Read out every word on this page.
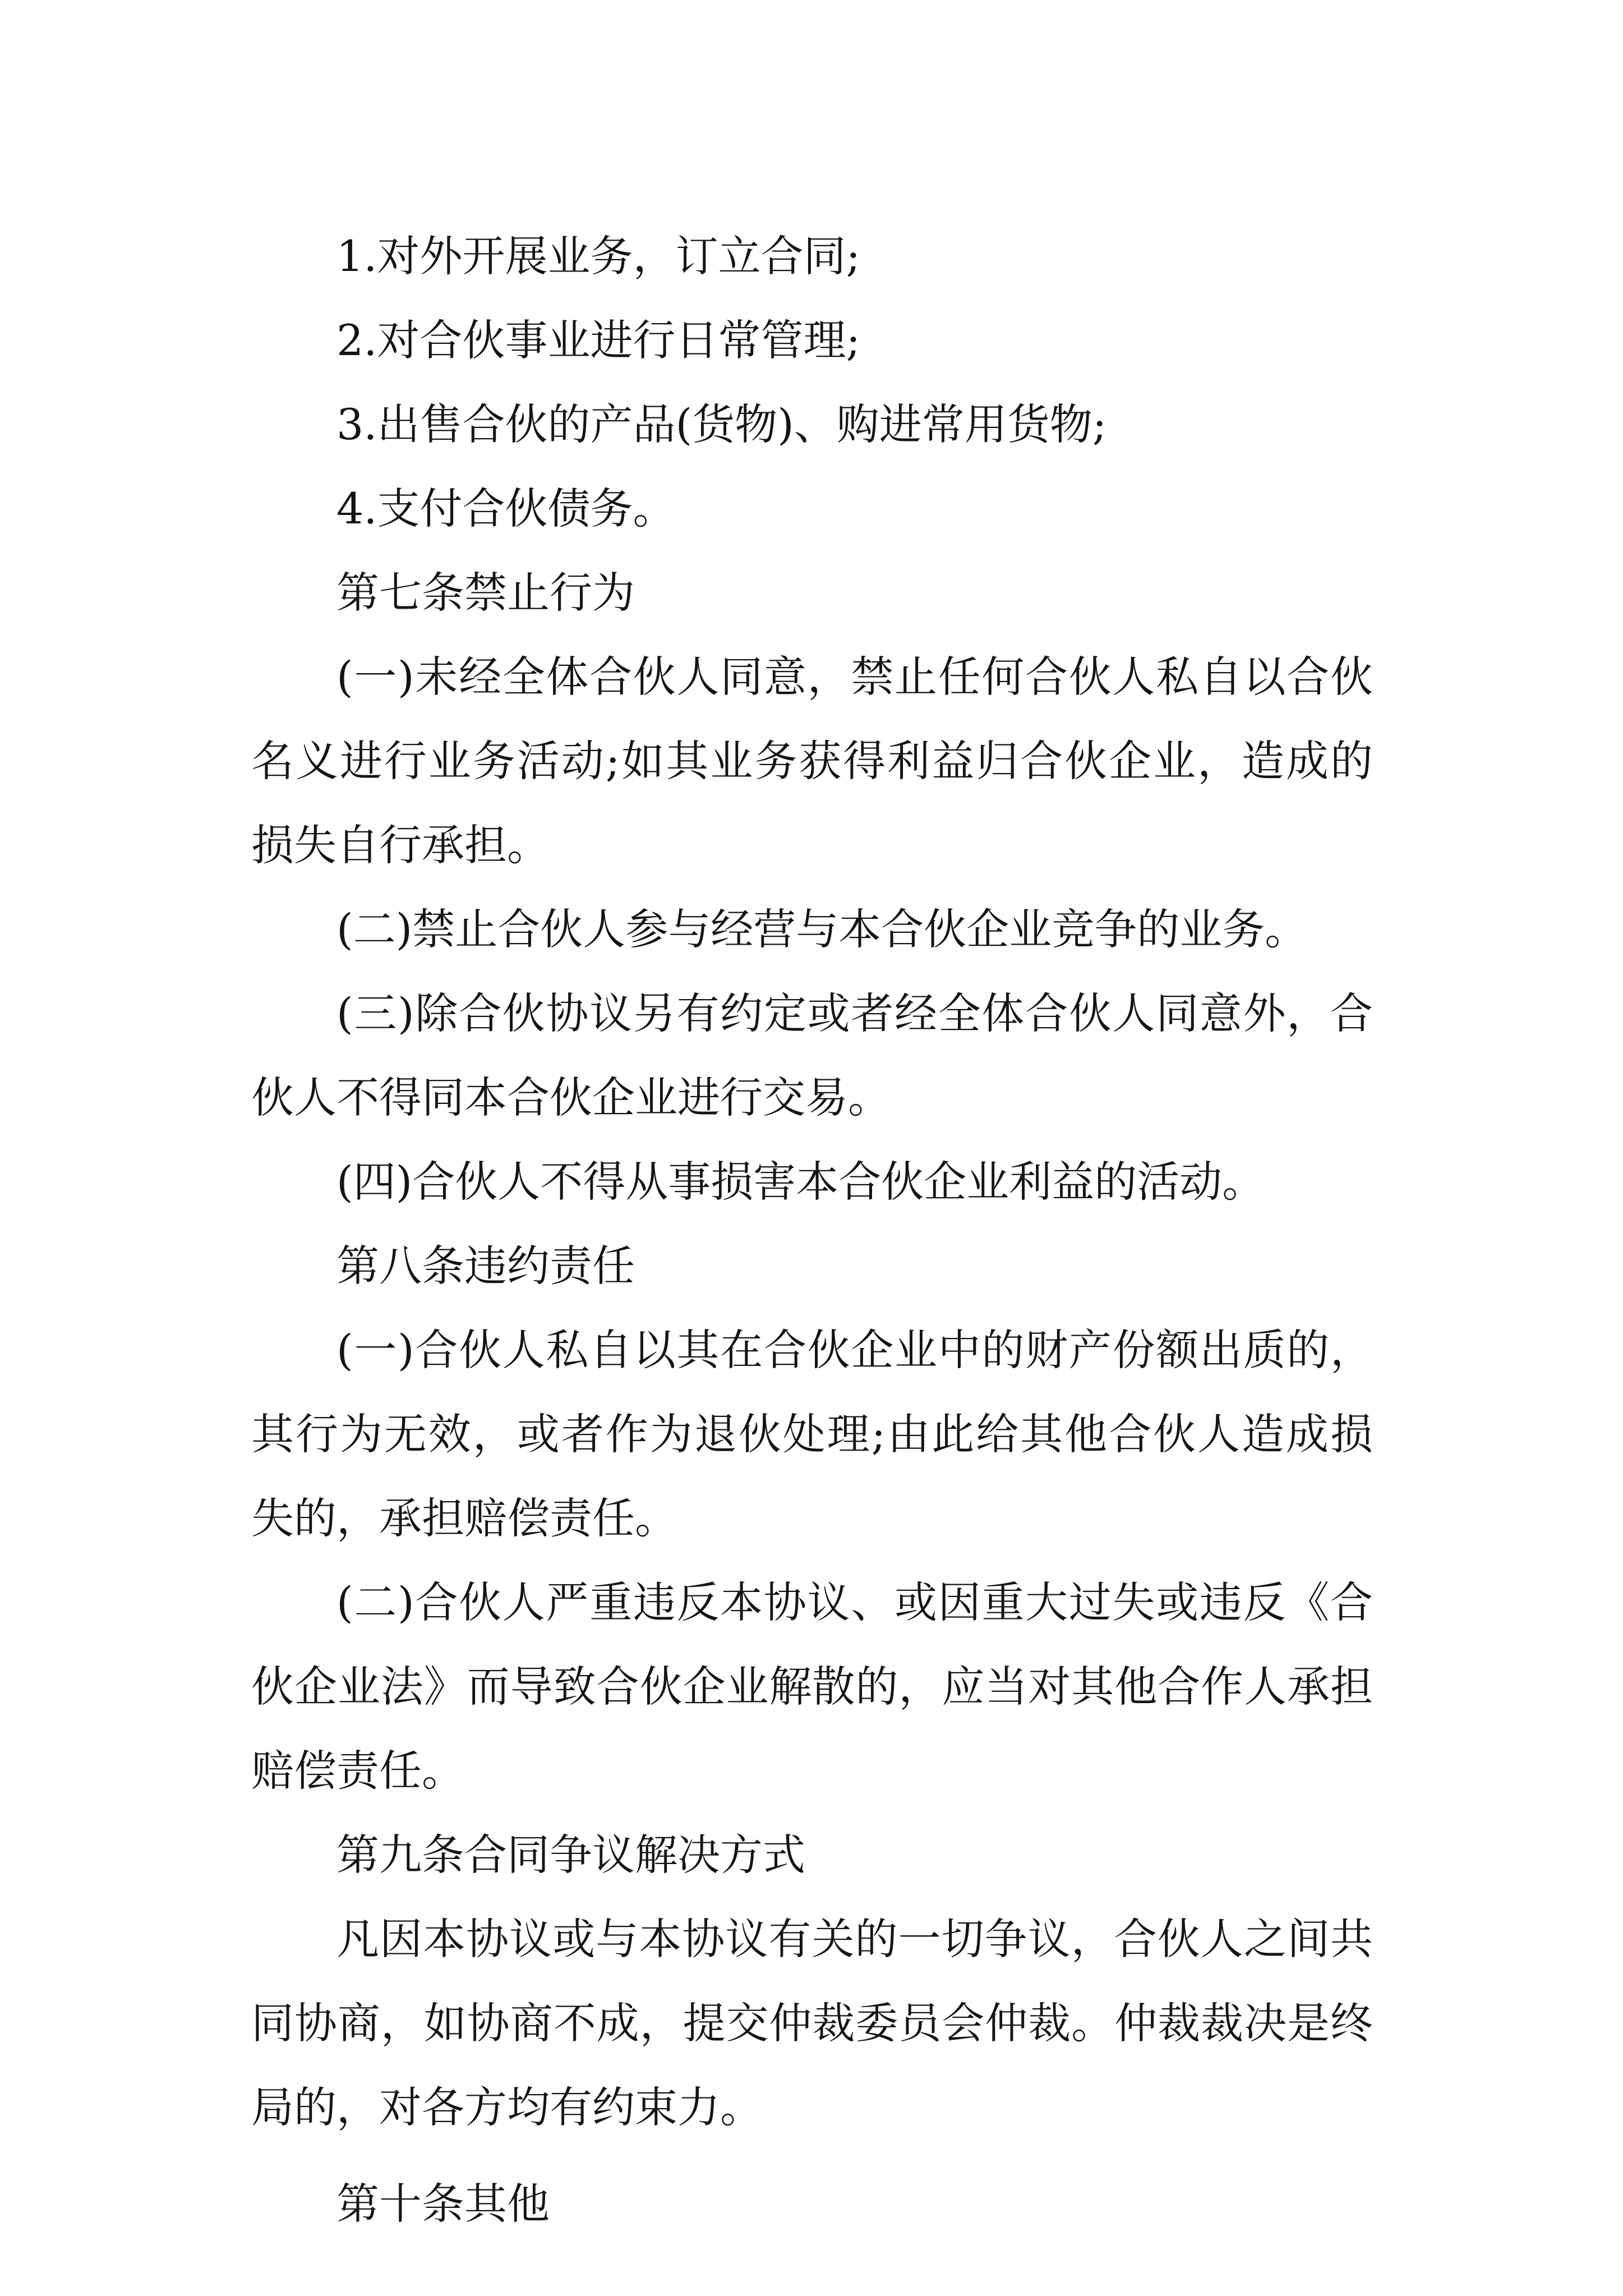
1.对外开展业务，订立合同;

2.对合伙事业进行日常管理;

3.出售合伙的产品(货物)、购进常用货物;

4.支付合伙债务。

第七条禁止行为

(一)未经全体合伙人同意，禁止任何合伙人私自以合伙名义进行业务活动;如其业务获得利益归合伙企业，造成的损失自行承担。

(二)禁止合伙人参与经营与本合伙企业竞争的业务。

(三)除合伙协议另有约定或者经全体合伙人同意外，合伙人不得同本合伙企业进行交易。

(四)合伙人不得从事损害本合伙企业利益的活动。

第八条违约责任

(一)合伙人私自以其在合伙企业中的财产份额出质的，其行为无效，或者作为退伙处理;由此给其他合伙人造成损失的，承担赔偿责任。

(二)合伙人严重违反本协议、或因重大过失或违反《合伙企业法》而导致合伙企业解散的，应当对其他合作人承担赔偿责任。

第九条合同争议解决方式

凡因本协议或与本协议有关的一切争议，合伙人之间共同协商，如协商不成，提交仲裁委员会仲裁。仲裁裁决是终局的，对各方均有约束力。

第十条其他
